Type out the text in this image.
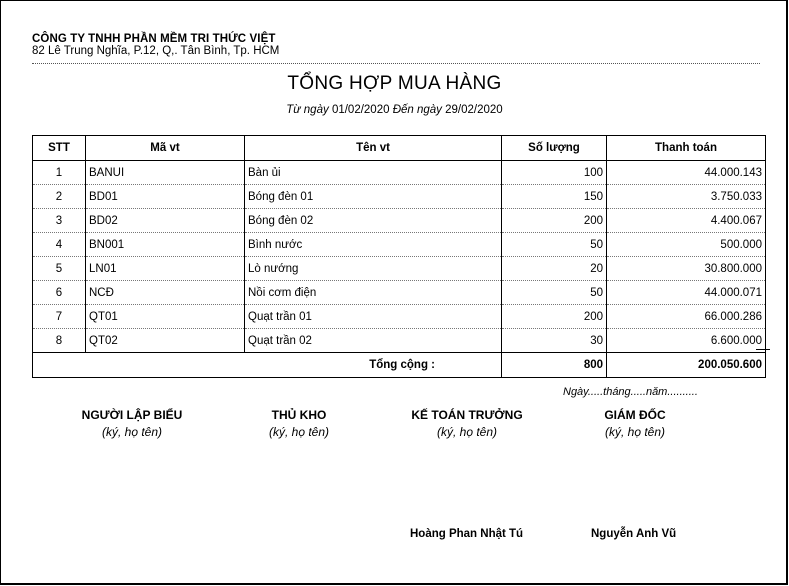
CÔNG TY TNHH PHẦN MỀM TRI THỨC VIỆT
82 Lê Trung Nghĩa, P.12, Q,. Tân Bình, Tp. HCM
TỔNG HỢP MUA HÀNG
Từ ngày 01/02/2020 Đến ngày 29/02/2020
STT	Mã vt	Tên vt	Số lượng	Thanh toán
1	BANUI	Bàn ủi	100	44.000.143
2	BD01	Bóng đèn 01	150	3.750.033
3	BD02	Bóng đèn 02	200	4.400.067
4	BN001	Bình nước	50	500.000
5	LN01	Lò nướng	20	30.800.000
6	NCĐ	Nồi cơm điện	50	44.000.071
7	QT01	Quạt trần 01	200	66.000.286
8	QT02	Quạt trần 02	30	6.600.000
Tổng cộng :			800	200.050.600
Ngày.....tháng.....năm..........
NGƯỜI LẬP BIỂU
(ký, họ tên)
THỦ KHO
(ký, họ tên)
KẾ TOÁN TRƯỞNG
(ký, họ tên)
GIÁM ĐỐC
(ký, họ tên)
Hoàng Phan Nhật Tú	Nguyễn Anh Vũ
